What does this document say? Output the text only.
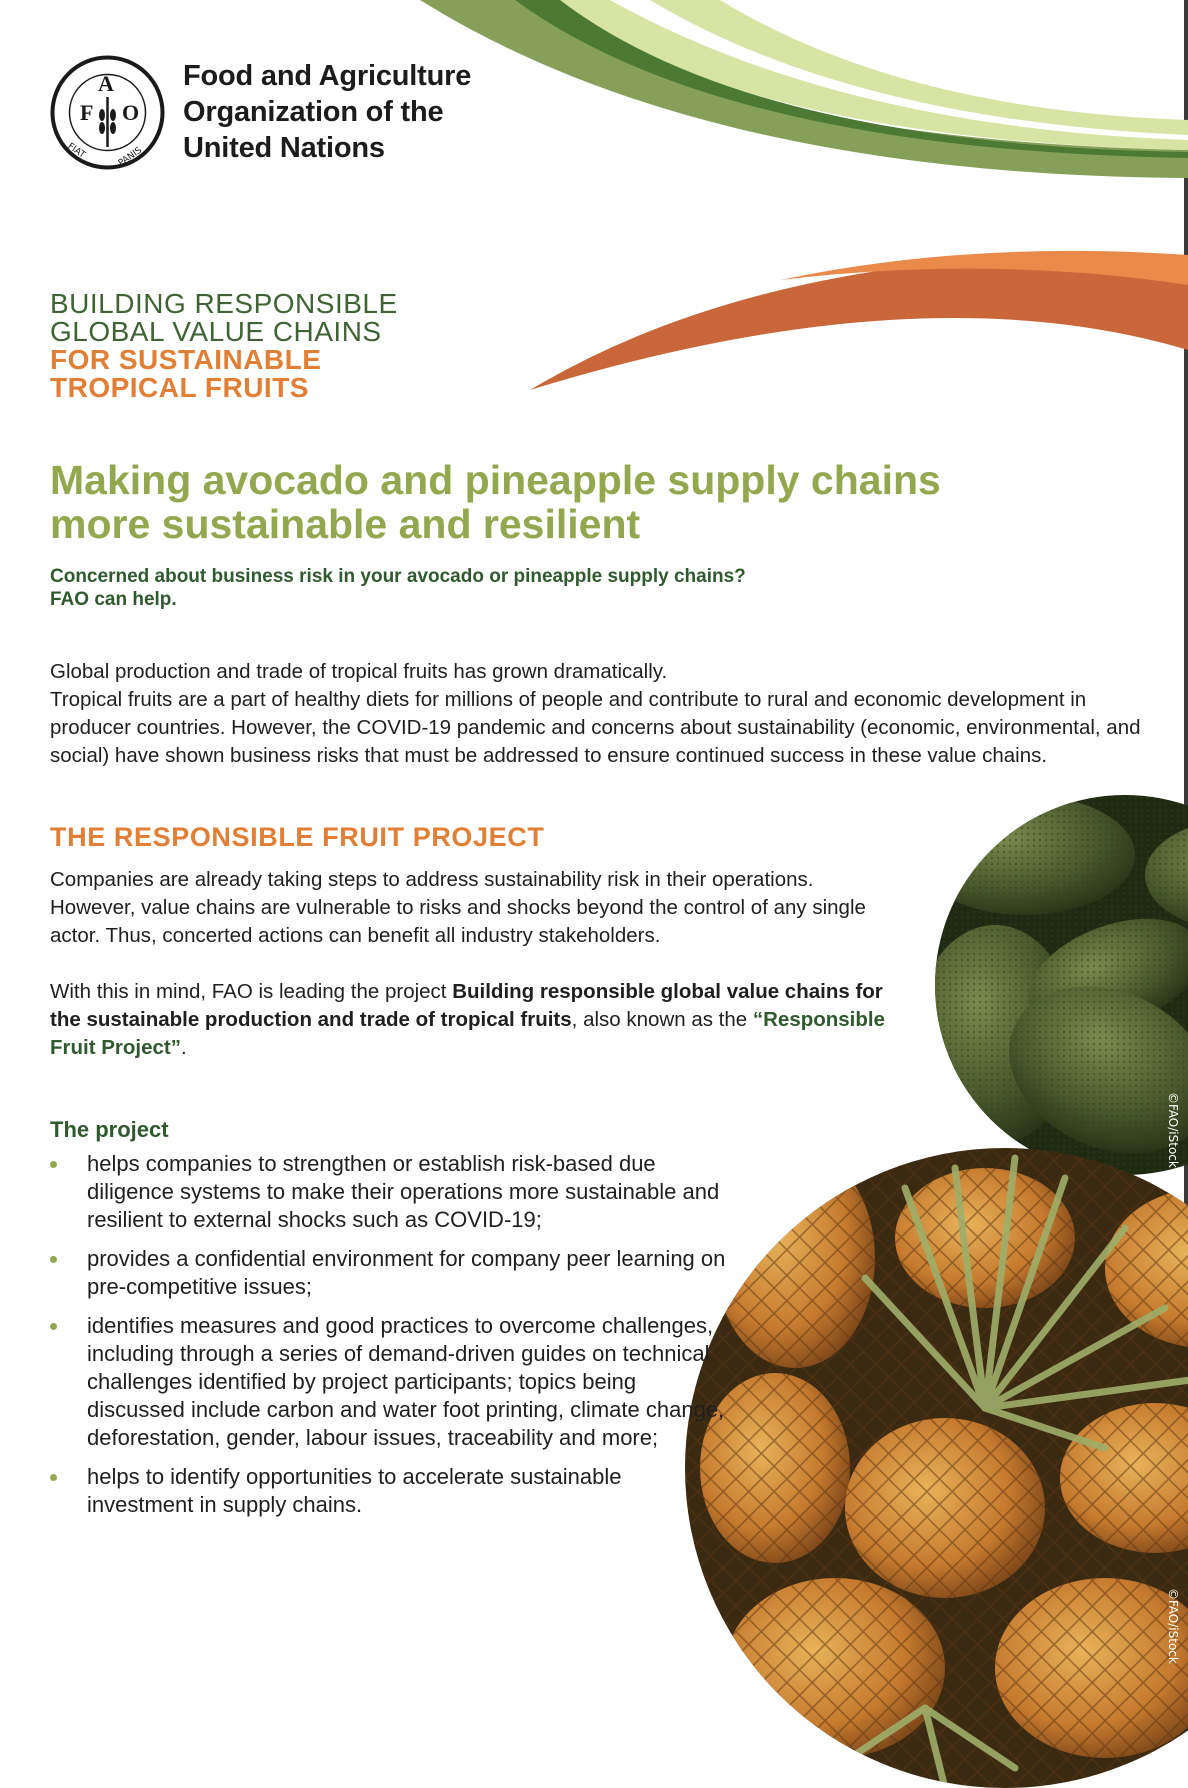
F
A
O
FIAT	PANIS
Food and Agriculture
Organization of the
United Nations
BUILDING RESPONSIBLE
GLOBAL VALUE CHAINS
FOR SUSTAINABLE
TROPICAL FRUITS
Making avocado and pineapple supply chains
more sustainable and resilient
Concerned about business risk in your avocado or pineapple supply chains?
FAO can help.
Global production and trade of tropical fruits has grown dramatically.
Tropical fruits are a part of healthy diets for millions of people and contribute to rural and economic development in producer countries. However, the COVID-19 pandemic and concerns about sustainability (economic, environmental, and social) have shown business risks that must be addressed to ensure continued success in these value chains.
©FAO/iStock
©FAO/iStock
THE RESPONSIBLE FRUIT PROJECT
Companies are already taking steps to address sustainability risk in their operations. However, value chains are vulnerable to risks and shocks beyond the control of any single actor. Thus, concerted actions can benefit all industry stakeholders.
With this in mind, FAO is leading the project Building responsible global value chains for the sustainable production and trade of tropical fruits, also known as the “Responsible Fruit Project”.
The project
helps companies to strengthen or establish risk-based due diligence systems to make their operations more sustainable and resilient to external shocks such as COVID-19;
provides a confidential environment for company peer learning on pre-competitive issues;
identifies measures and good practices to overcome challenges, including through a series of demand-driven guides on technical challenges identified by project participants; topics being discussed include carbon and water foot printing, climate change, deforestation, gender, labour issues, traceability and more;
helps to identify opportunities to accelerate sustainable investment in supply chains.
